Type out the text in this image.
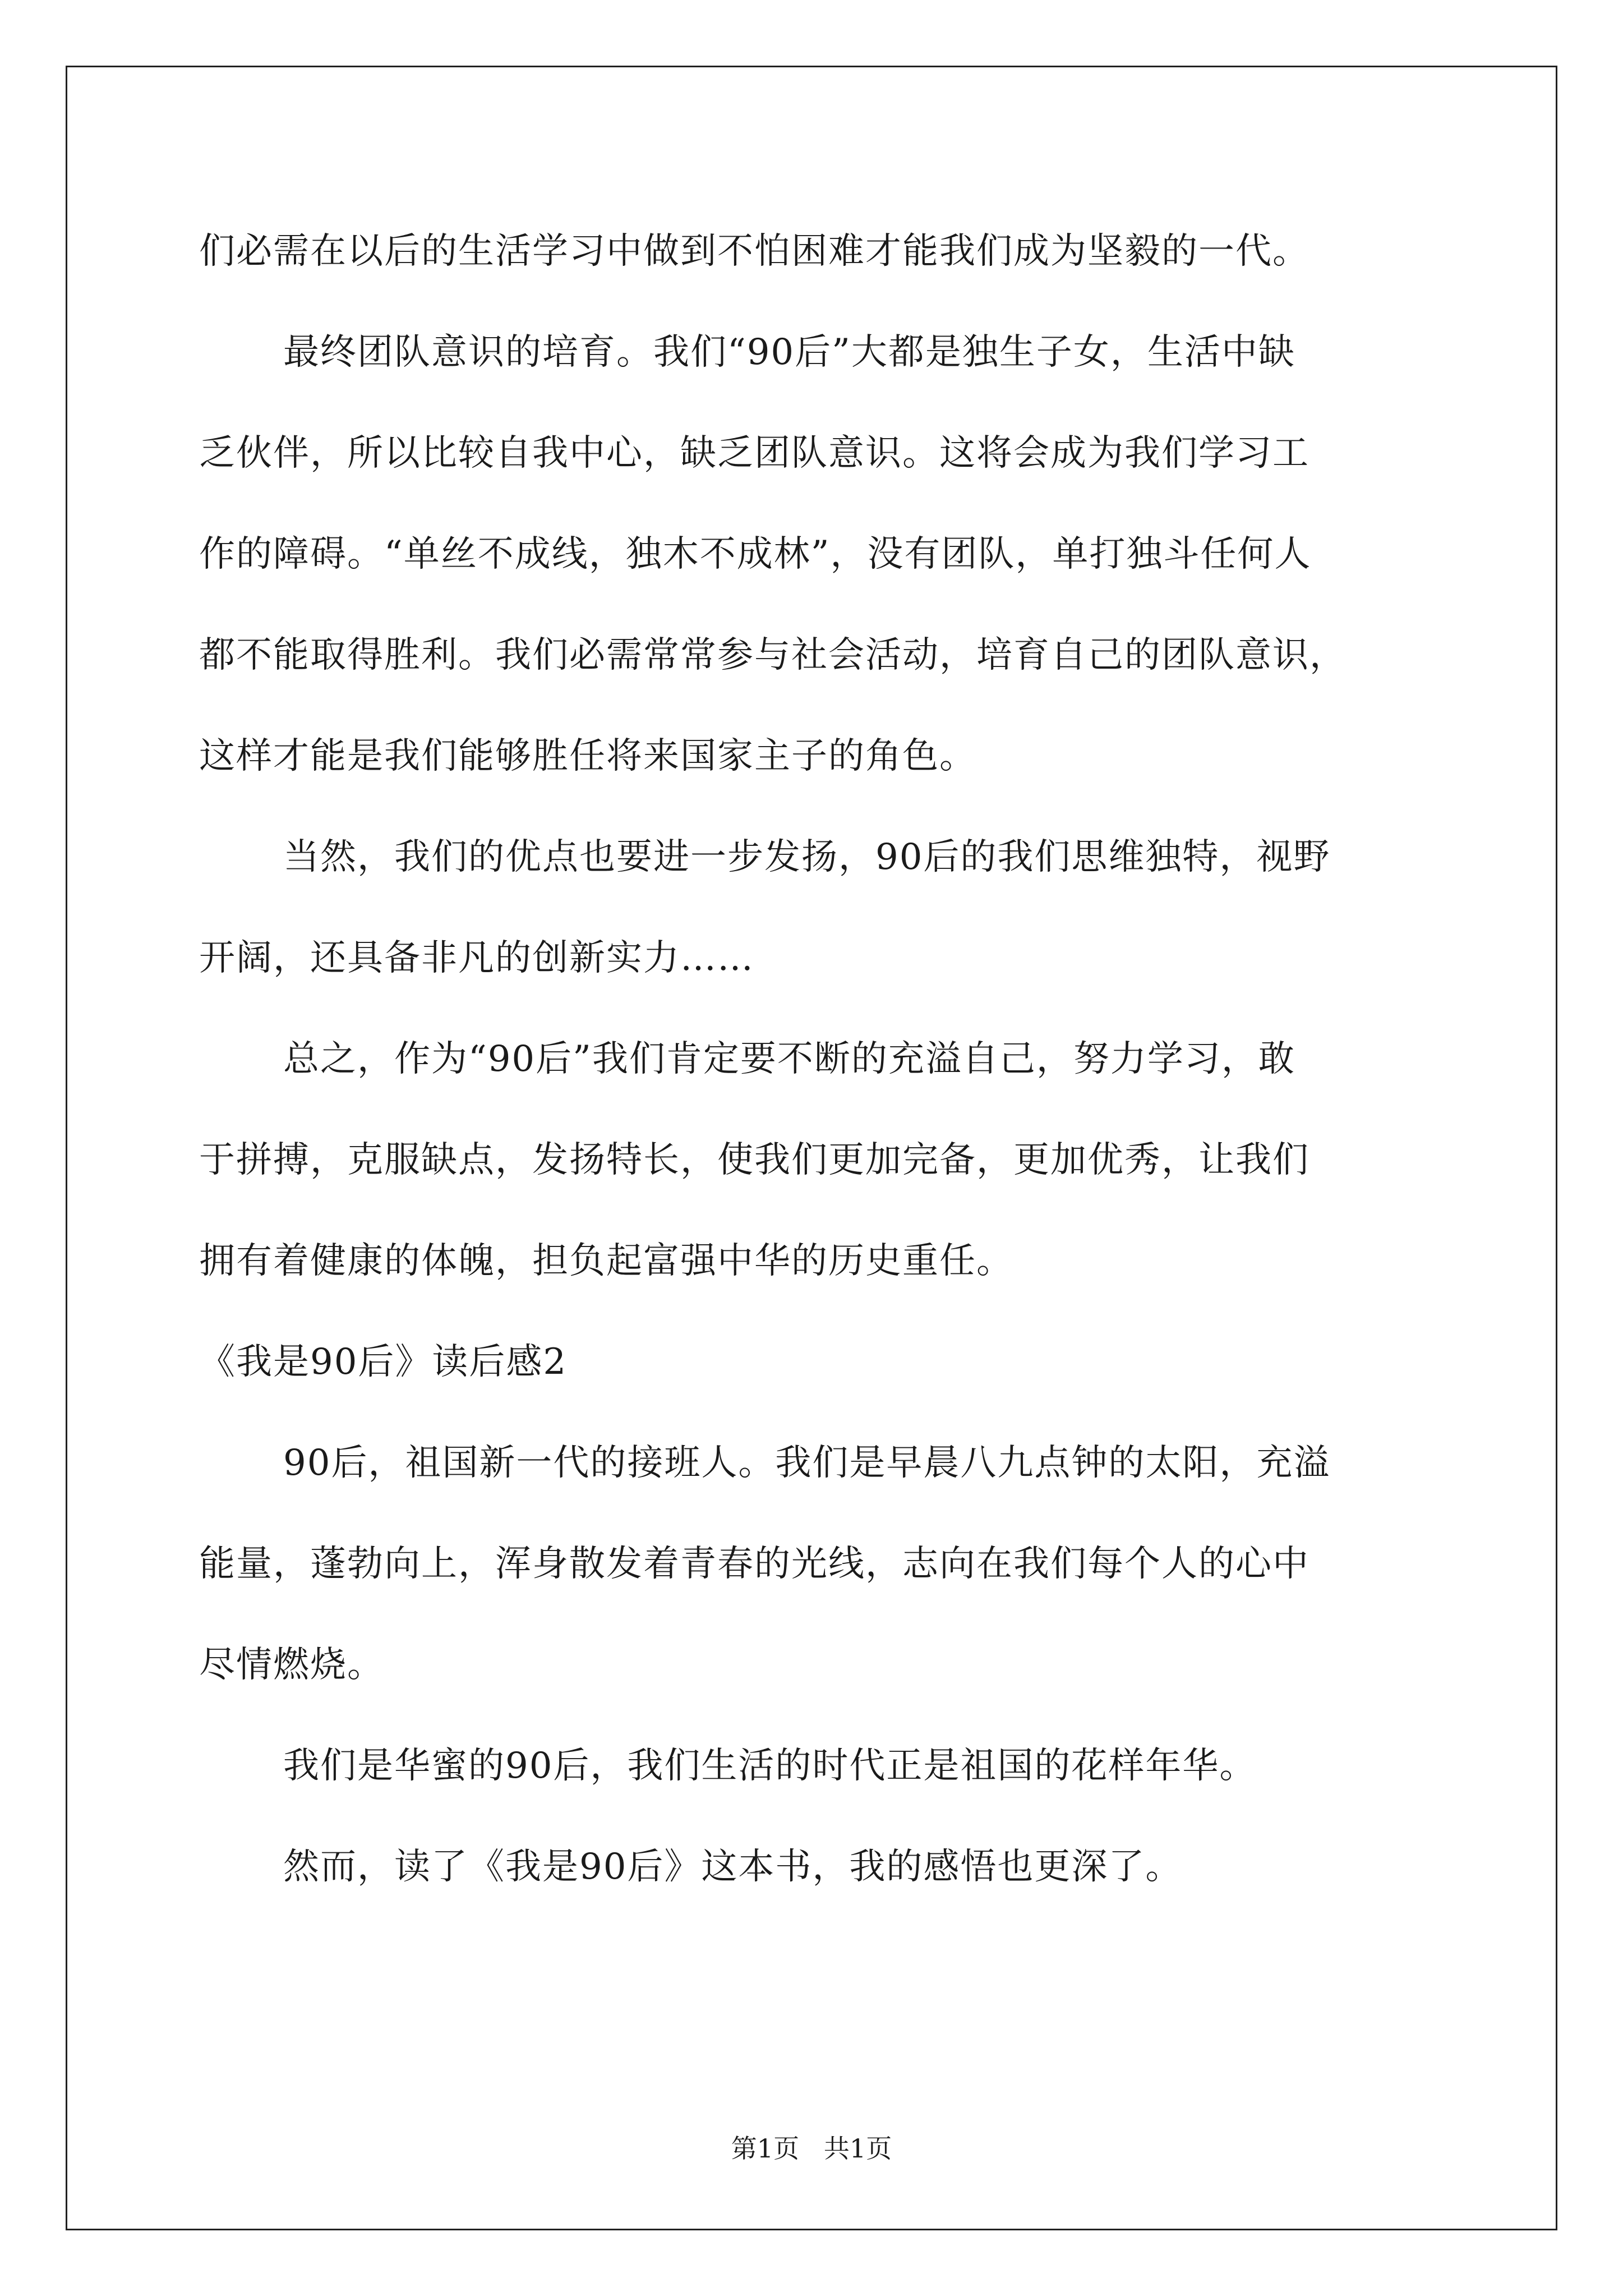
们必需在以后的生活学习中做到不怕困难才能我们成为坚毅的一代。
最终团队意识的培育。我们“90后”大都是独生子女，生活中缺
乏伙伴，所以比较自我中心，缺乏团队意识。这将会成为我们学习工
作的障碍。“单丝不成线，独木不成林”，没有团队，单打独斗任何人
都不能取得胜利。我们必需常常参与社会活动，培育自己的团队意识，
这样才能是我们能够胜任将来国家主子的角色。
当然，我们的优点也要进一步发扬，90后的我们思维独特，视野
开阔，还具备非凡的创新实力……
总之，作为“90后”我们肯定要不断的充溢自己，努力学习，敢
于拼搏，克服缺点，发扬特长，使我们更加完备，更加优秀，让我们
拥有着健康的体魄，担负起富强中华的历史重任。
《我是90后》读后感2
90后，祖国新一代的接班人。我们是早晨八九点钟的太阳，充溢
能量，蓬勃向上，浑身散发着青春的光线，志向在我们每个人的心中
尽情燃烧。
我们是华蜜的90后，我们生活的时代正是祖国的花样年华。
然而，读了《我是90后》这本书，我的感悟也更深了。
第1页   共1页
